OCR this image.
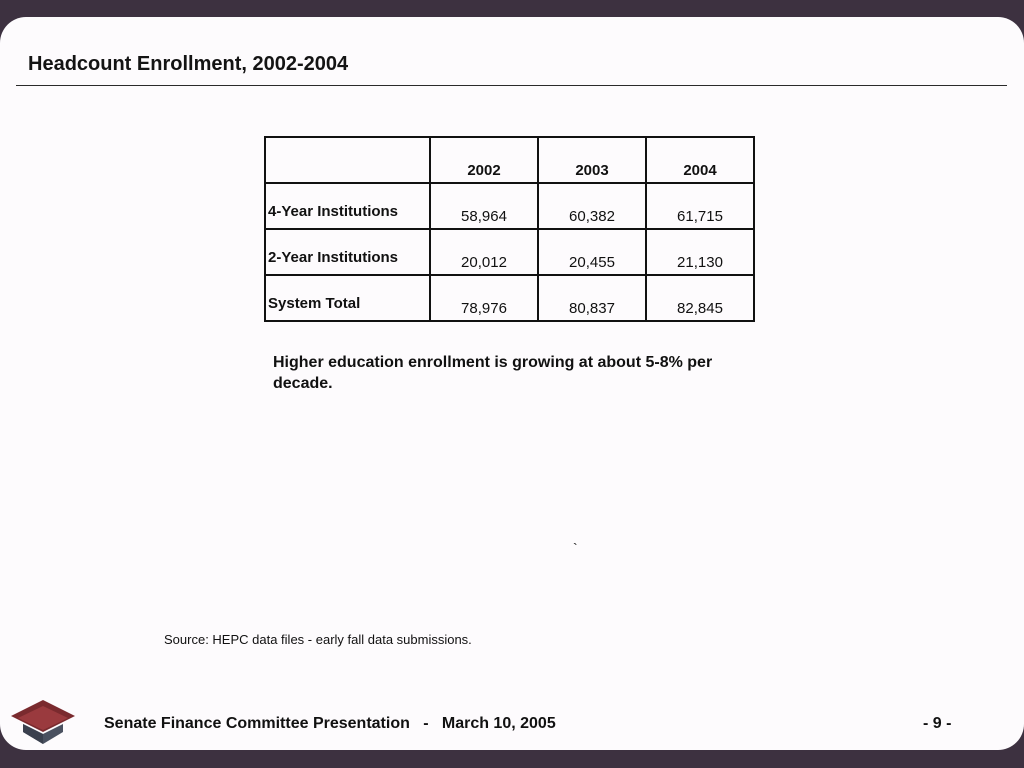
Headcount Enrollment, 2002-2004
	2002	2003	2004
4-Year Institutions	58,964	60,382	61,715
2-Year Institutions	20,012	20,455	21,130
System Total	78,976	80,837	82,845
Higher education enrollment is growing at about 5-8% per decade.
`
Source: HEPC data files - early fall data submissions.
Senate Finance Committee Presentation   -   March 10, 2005	- 9 -
